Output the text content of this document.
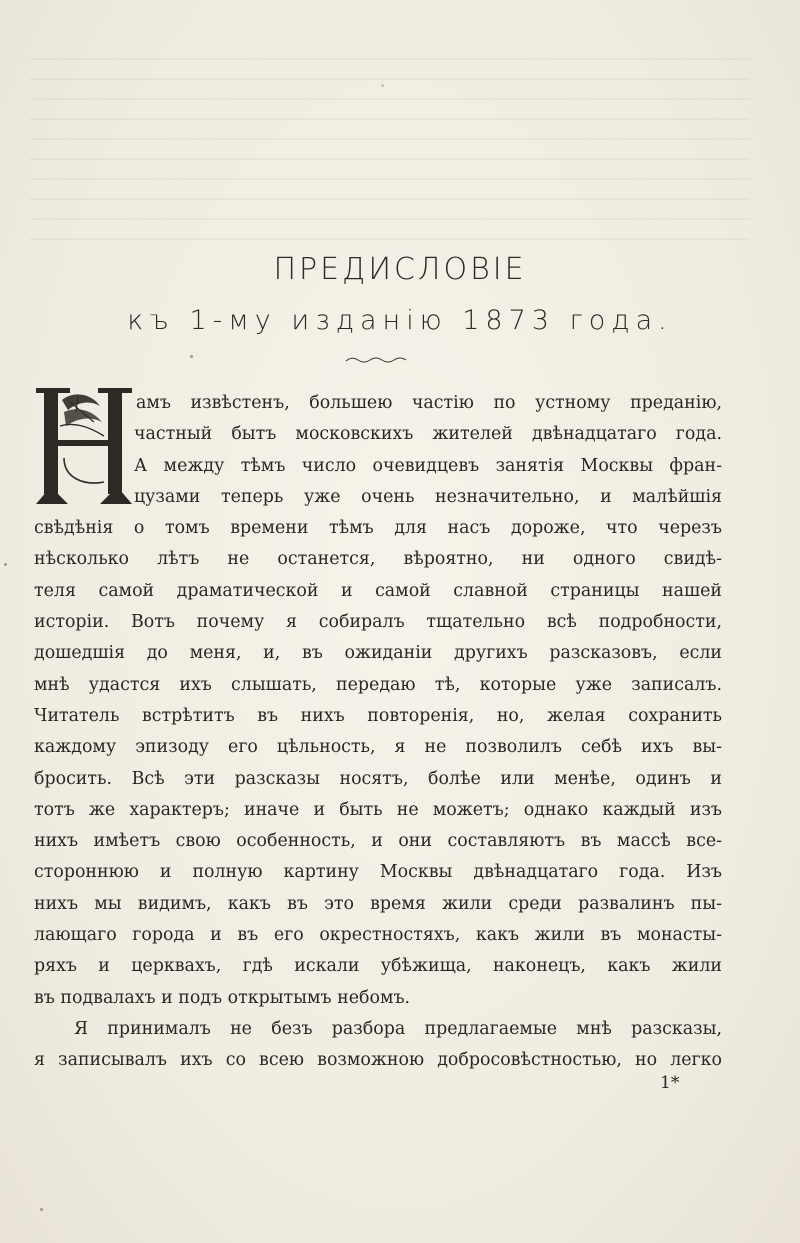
ПРЕДИСЛОВІЕ
къ 1-му изданію 1873 года.
амъ извѣстенъ, большею частію по устному преданію,
частный бытъ московскихъ жителей двѣнадцатаго года.
А между тѣмъ число очевидцевъ занятія Москвы фран-
цузами теперь уже очень незначительно, и малѣйшія
свѣдѣнія о томъ времени тѣмъ для насъ дороже, что черезъ
нѣсколько лѣтъ не останется, вѣроятно, ни одного свидѣ-
теля самой драматической и самой славной страницы нашей
исторіи. Вотъ почему я собиралъ тщательно всѣ подробности,
дошедшія до меня, и, въ ожиданіи другихъ разсказовъ, если
мнѣ удастся ихъ слышать, передаю тѣ, которые уже записалъ.
Читатель встрѣтитъ въ нихъ повторенія, но, желая сохранить
каждому эпизоду его цѣльность, я не позволилъ себѣ ихъ вы-
бросить. Всѣ эти разсказы носятъ, болѣе или менѣе, одинъ и
тотъ же характеръ; иначе и быть не можетъ; однако каждый изъ
нихъ имѣетъ свою особенность, и они составляютъ въ массѣ все-
стороннюю и полную картину Москвы двѣнадцатаго года. Изъ
нихъ мы видимъ, какъ въ это время жили среди развалинъ пы-
лающаго города и въ его окрестностяхъ, какъ жили въ монасты-
ряхъ и церквахъ, гдѣ искали убѣжища, наконецъ, какъ жили
въ подвалахъ и подъ открытымъ небомъ.
Я принималъ не безъ разбора предлагаемые мнѣ разсказы,
я записывалъ ихъ со всею возможною добросовѣстностью, но легко
1*
